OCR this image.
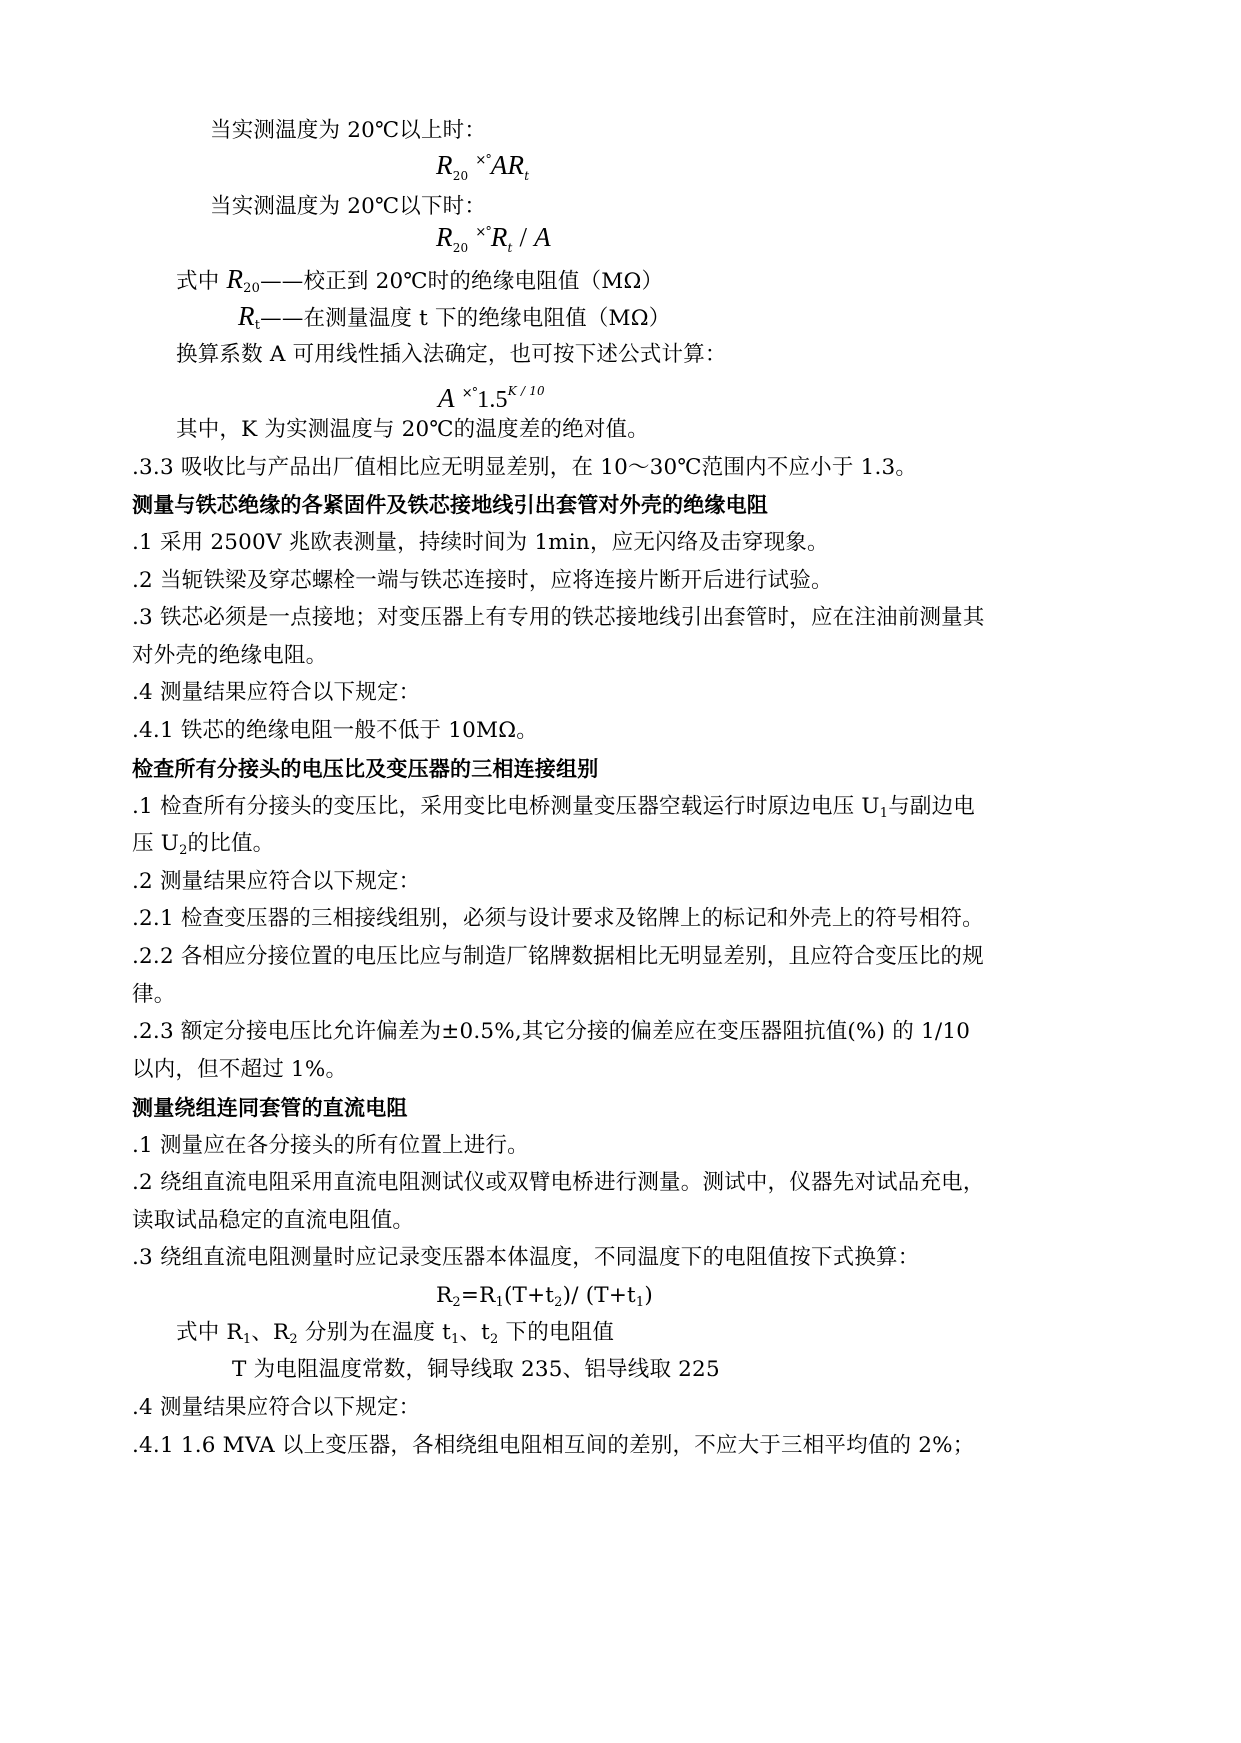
当实测温度为 20℃以上时：
$R_{20}$ $^{\times^\circ}AR_t$
当实测温度为 20℃以下时：
$R_{20}$ $^{\times^\circ}R_t$ / A
式中 R20——校正到 20℃时的绝缘电阻值（MΩ）
Rt——在测量温度 t 下的绝缘电阻值（MΩ）
换算系数 A 可用线性插入法确定，也可按下述公式计算：
A $^{\times^\circ}1.5^{K / 10}$
其中，K 为实测温度与 20℃的温度差的绝对值。
.3.3 吸收比与产品出厂值相比应无明显差别，在 10～30℃范围内不应小于 1.3。
测量与铁芯绝缘的各紧固件及铁芯接地线引出套管对外壳的绝缘电阻
.1 采用 2500V 兆欧表测量，持续时间为 1min，应无闪络及击穿现象。
.2 当轭铁梁及穿芯螺栓一端与铁芯连接时，应将连接片断开后进行试验。
.3 铁芯必须是一点接地；对变压器上有专用的铁芯接地线引出套管时，应在注油前测量其
对外壳的绝缘电阻。
.4 测量结果应符合以下规定：
.4.1 铁芯的绝缘电阻一般不低于 10MΩ。
检查所有分接头的电压比及变压器的三相连接组别
.1 检查所有分接头的变压比，采用变比电桥测量变压器空载运行时原边电压 U1与副边电
压 U2的比值。
.2 测量结果应符合以下规定：
.2.1 检查变压器的三相接线组别，必须与设计要求及铭牌上的标记和外壳上的符号相符。
.2.2 各相应分接位置的电压比应与制造厂铭牌数据相比无明显差别，且应符合变压比的规
律。
.2.3 额定分接电压比允许偏差为±0.5%,其它分接的偏差应在变压器阻抗值(%) 的 1/10
以内，但不超过 1%。
测量绕组连同套管的直流电阻
.1 测量应在各分接头的所有位置上进行。
.2 绕组直流电阻采用直流电阻测试仪或双臂电桥进行测量。测试中，仪器先对试品充电，
读取试品稳定的直流电阻值。
.3 绕组直流电阻测量时应记录变压器本体温度，不同温度下的电阻值按下式换算：
R2=R1(T+t2)/ (T+t1)
式中 R1、R2 分别为在温度 t1、t2 下的电阻值
T 为电阻温度常数，铜导线取 235、铝导线取 225
.4 测量结果应符合以下规定：
.4.1 1.6 MVA 以上变压器，各相绕组电阻相互间的差别，不应大于三相平均值的 2%；
